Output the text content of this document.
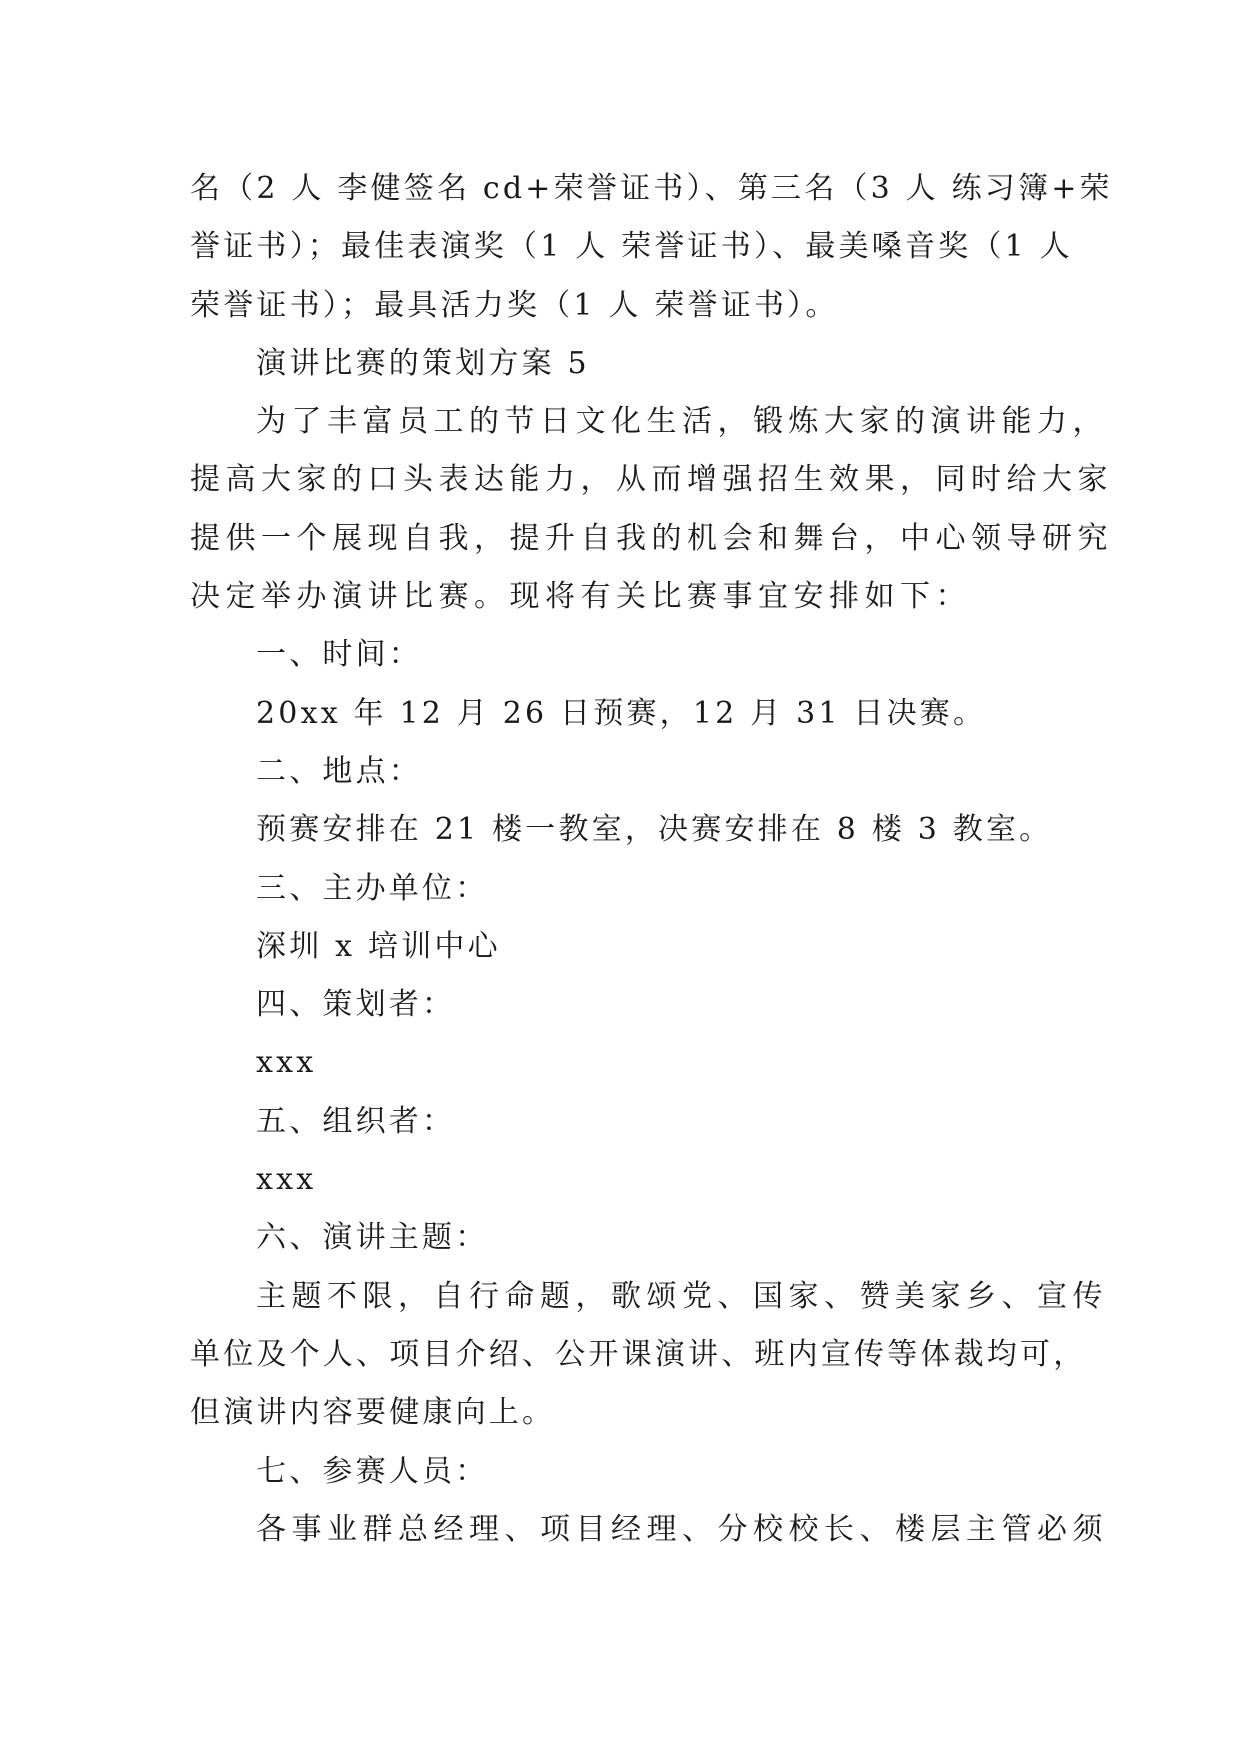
名（2 人 李健签名 cd+荣誉证书）、第三名（3 人 练习簿+荣
誉证书）；最佳表演奖（1 人 荣誉证书）、最美嗓音奖（1 人
荣誉证书）；最具活力奖（1 人 荣誉证书）。
演讲比赛的策划方案 5
为了丰富员工的节日文化生活，锻炼大家的演讲能力，
提高大家的口头表达能力，从而增强招生效果，同时给大家
提供一个展现自我，提升自我的机会和舞台，中心领导研究
决定举办演讲比赛。现将有关比赛事宜安排如下：
一、时间：
20xx 年 12 月 26 日预赛，12 月 31 日决赛。
二、地点：
预赛安排在 21 楼一教室，决赛安排在 8 楼 3 教室。
三、主办单位：
深圳 x 培训中心
四、策划者：
xxx
五、组织者：
xxx
六、演讲主题：
主题不限，自行命题，歌颂党、国家、赞美家乡、宣传
单位及个人、项目介绍、公开课演讲、班内宣传等体裁均可，
但演讲内容要健康向上。
七、参赛人员：
各事业群总经理、项目经理、分校校长、楼层主管必须
